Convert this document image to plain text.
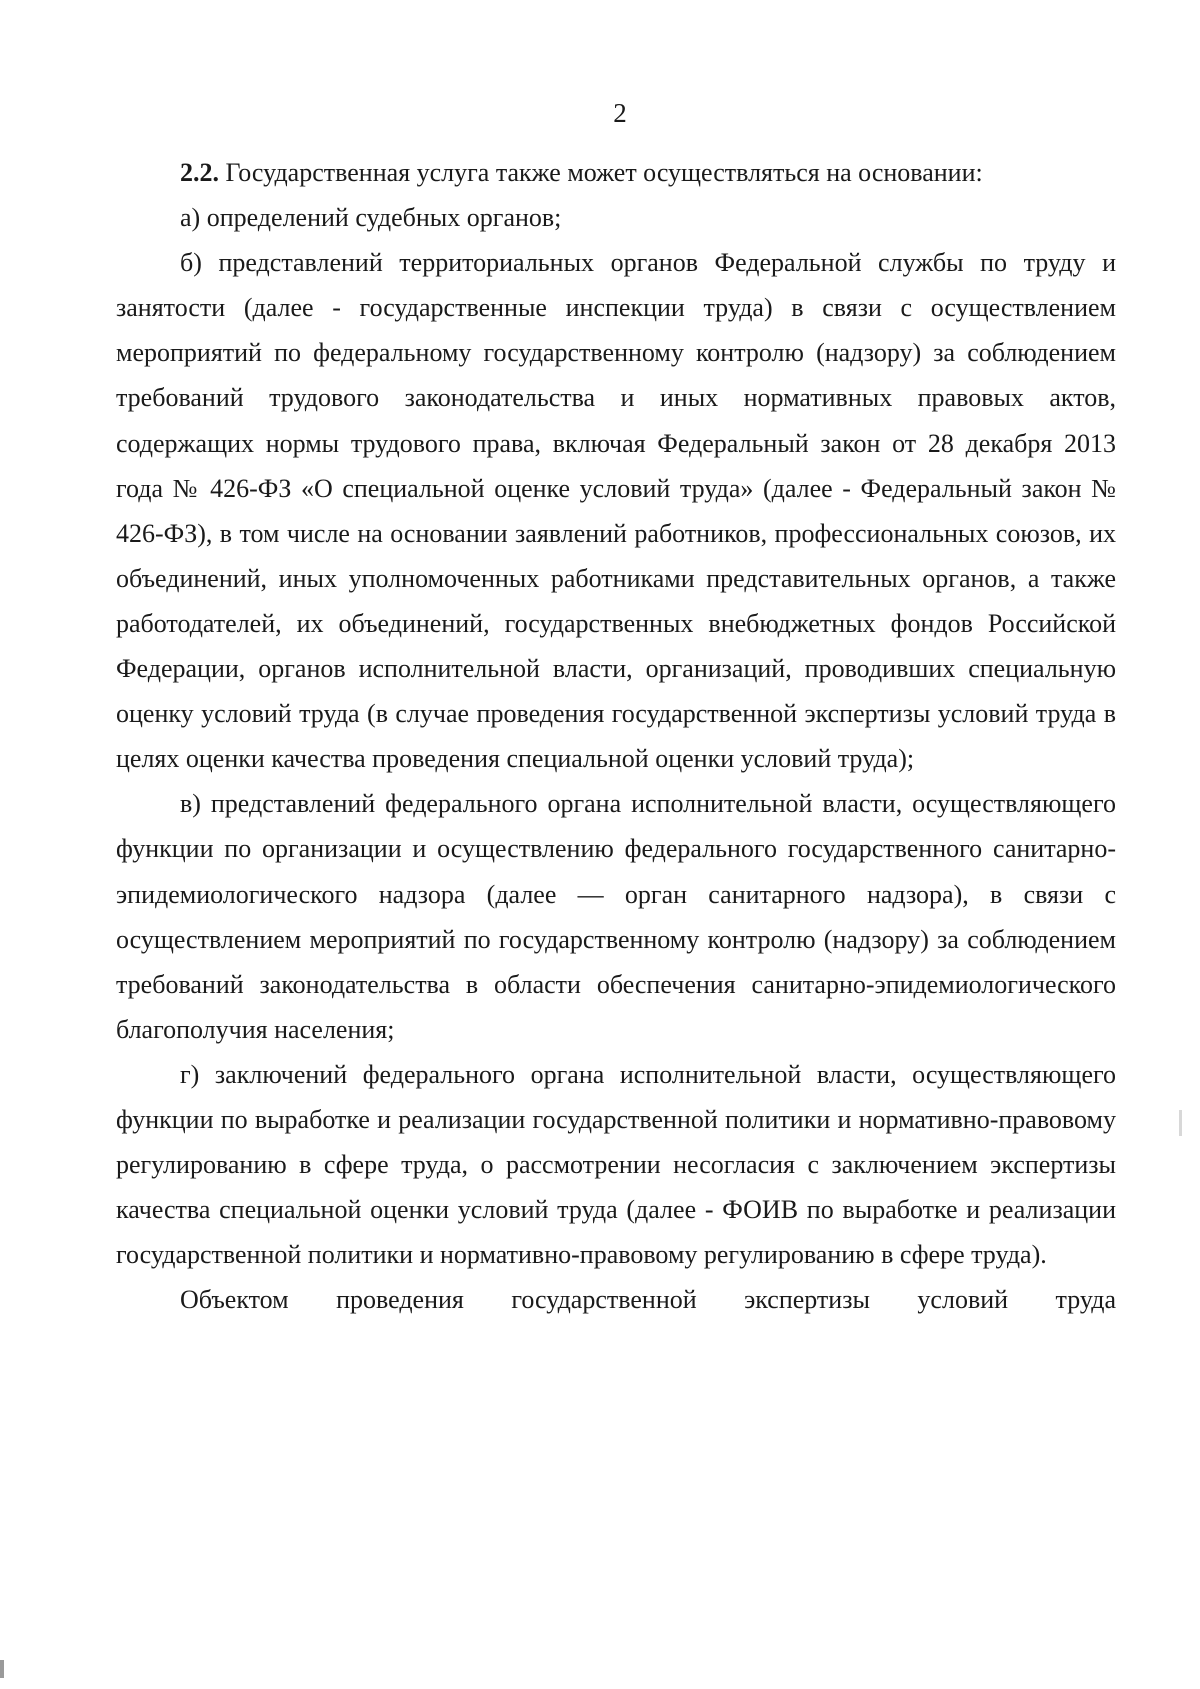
2

2.2. Государственная услуга также может осуществляться на основании:

а) определений судебных органов;

б) представлений территориальных органов Федеральной службы по труду и занятости (далее - государственные инспекции труда) в связи с осуществлением мероприятий по федеральному государственному контролю (надзору) за соблюдением требований трудового законодательства и иных нормативных правовых актов, содержащих нормы трудового права, включая Федеральный закон от 28 декабря 2013 года № 426-ФЗ «О специальной оценке условий труда» (далее - Федеральный закон № 426-ФЗ), в том числе на основании заявлений работников, профессиональных союзов, их объединений, иных уполномоченных работниками представительных органов, а также работодателей, их объединений, государственных внебюджетных фондов Российской Федерации, органов исполнительной власти, организаций, проводивших специальную оценку условий труда (в случае проведения государственной экспертизы условий труда в целях оценки качества проведения специальной оценки условий труда);

в) представлений федерального органа исполнительной власти, осуществляющего функции по организации и осуществлению федерального государственного санитарно-эпидемиологического надзора (далее — орган санитарного надзора), в связи с осуществлением мероприятий по государственному контролю (надзору) за соблюдением требований законодательства в области обеспечения санитарно-эпидемиологического благополучия населения;

г) заключений федерального органа исполнительной власти, осуществляющего функции по выработке и реализации государственной политики и нормативно-правовому регулированию в сфере труда, о рассмотрении несогласия с заключением экспертизы качества специальной оценки условий труда (далее - ФОИВ по выработке и реализации государственной политики и нормативно-правовому регулированию в сфере труда).

Объектом проведения государственной экспертизы условий труда
